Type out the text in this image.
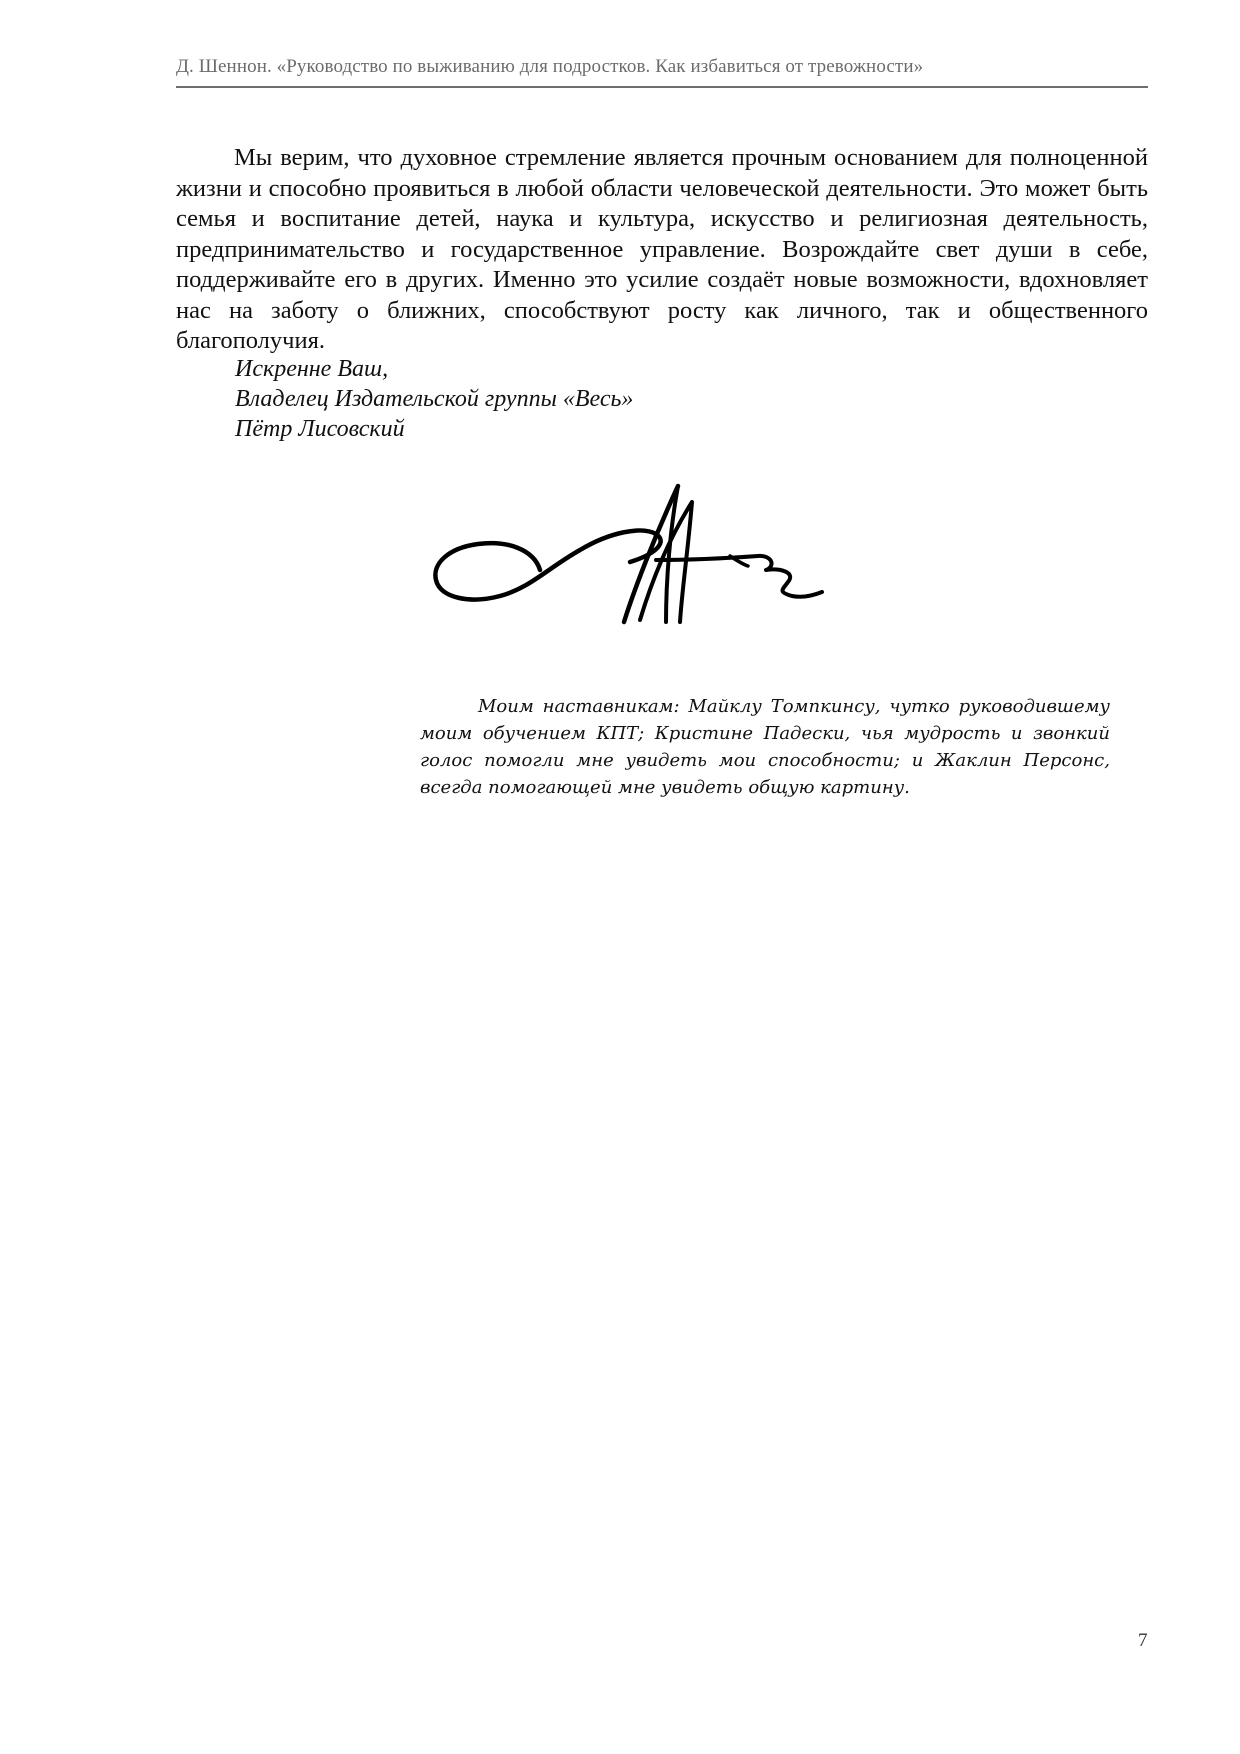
Д. Шеннон. «Руководство по выживанию для подростков. Как избавиться от тревожности»

Мы верим, что духовное стремление является прочным основанием для полноценной жизни и способно проявиться в любой области человеческой деятельности. Это может быть семья и воспитание детей, наука и культура, искусство и религиозная деятельность, предпринимательство и государственное управление. Возрождайте свет души в себе, поддерживайте его в других. Именно это усилие создаёт новые возможности, вдохновляет нас на заботу о ближних, способствуют росту как личного, так и общественного благополучия.

Искренне Ваш,
Владелец Издательской группы «Весь»
Пётр Лисовский

Моим наставникам: Майклу Томпкинсу, чутко руководившему моим обучением КПТ; Кристине Падески, чья мудрость и звонкий голос помогли мне увидеть мои способности; и Жаклин Персонс, всегда помогающей мне увидеть общую картину.

7
